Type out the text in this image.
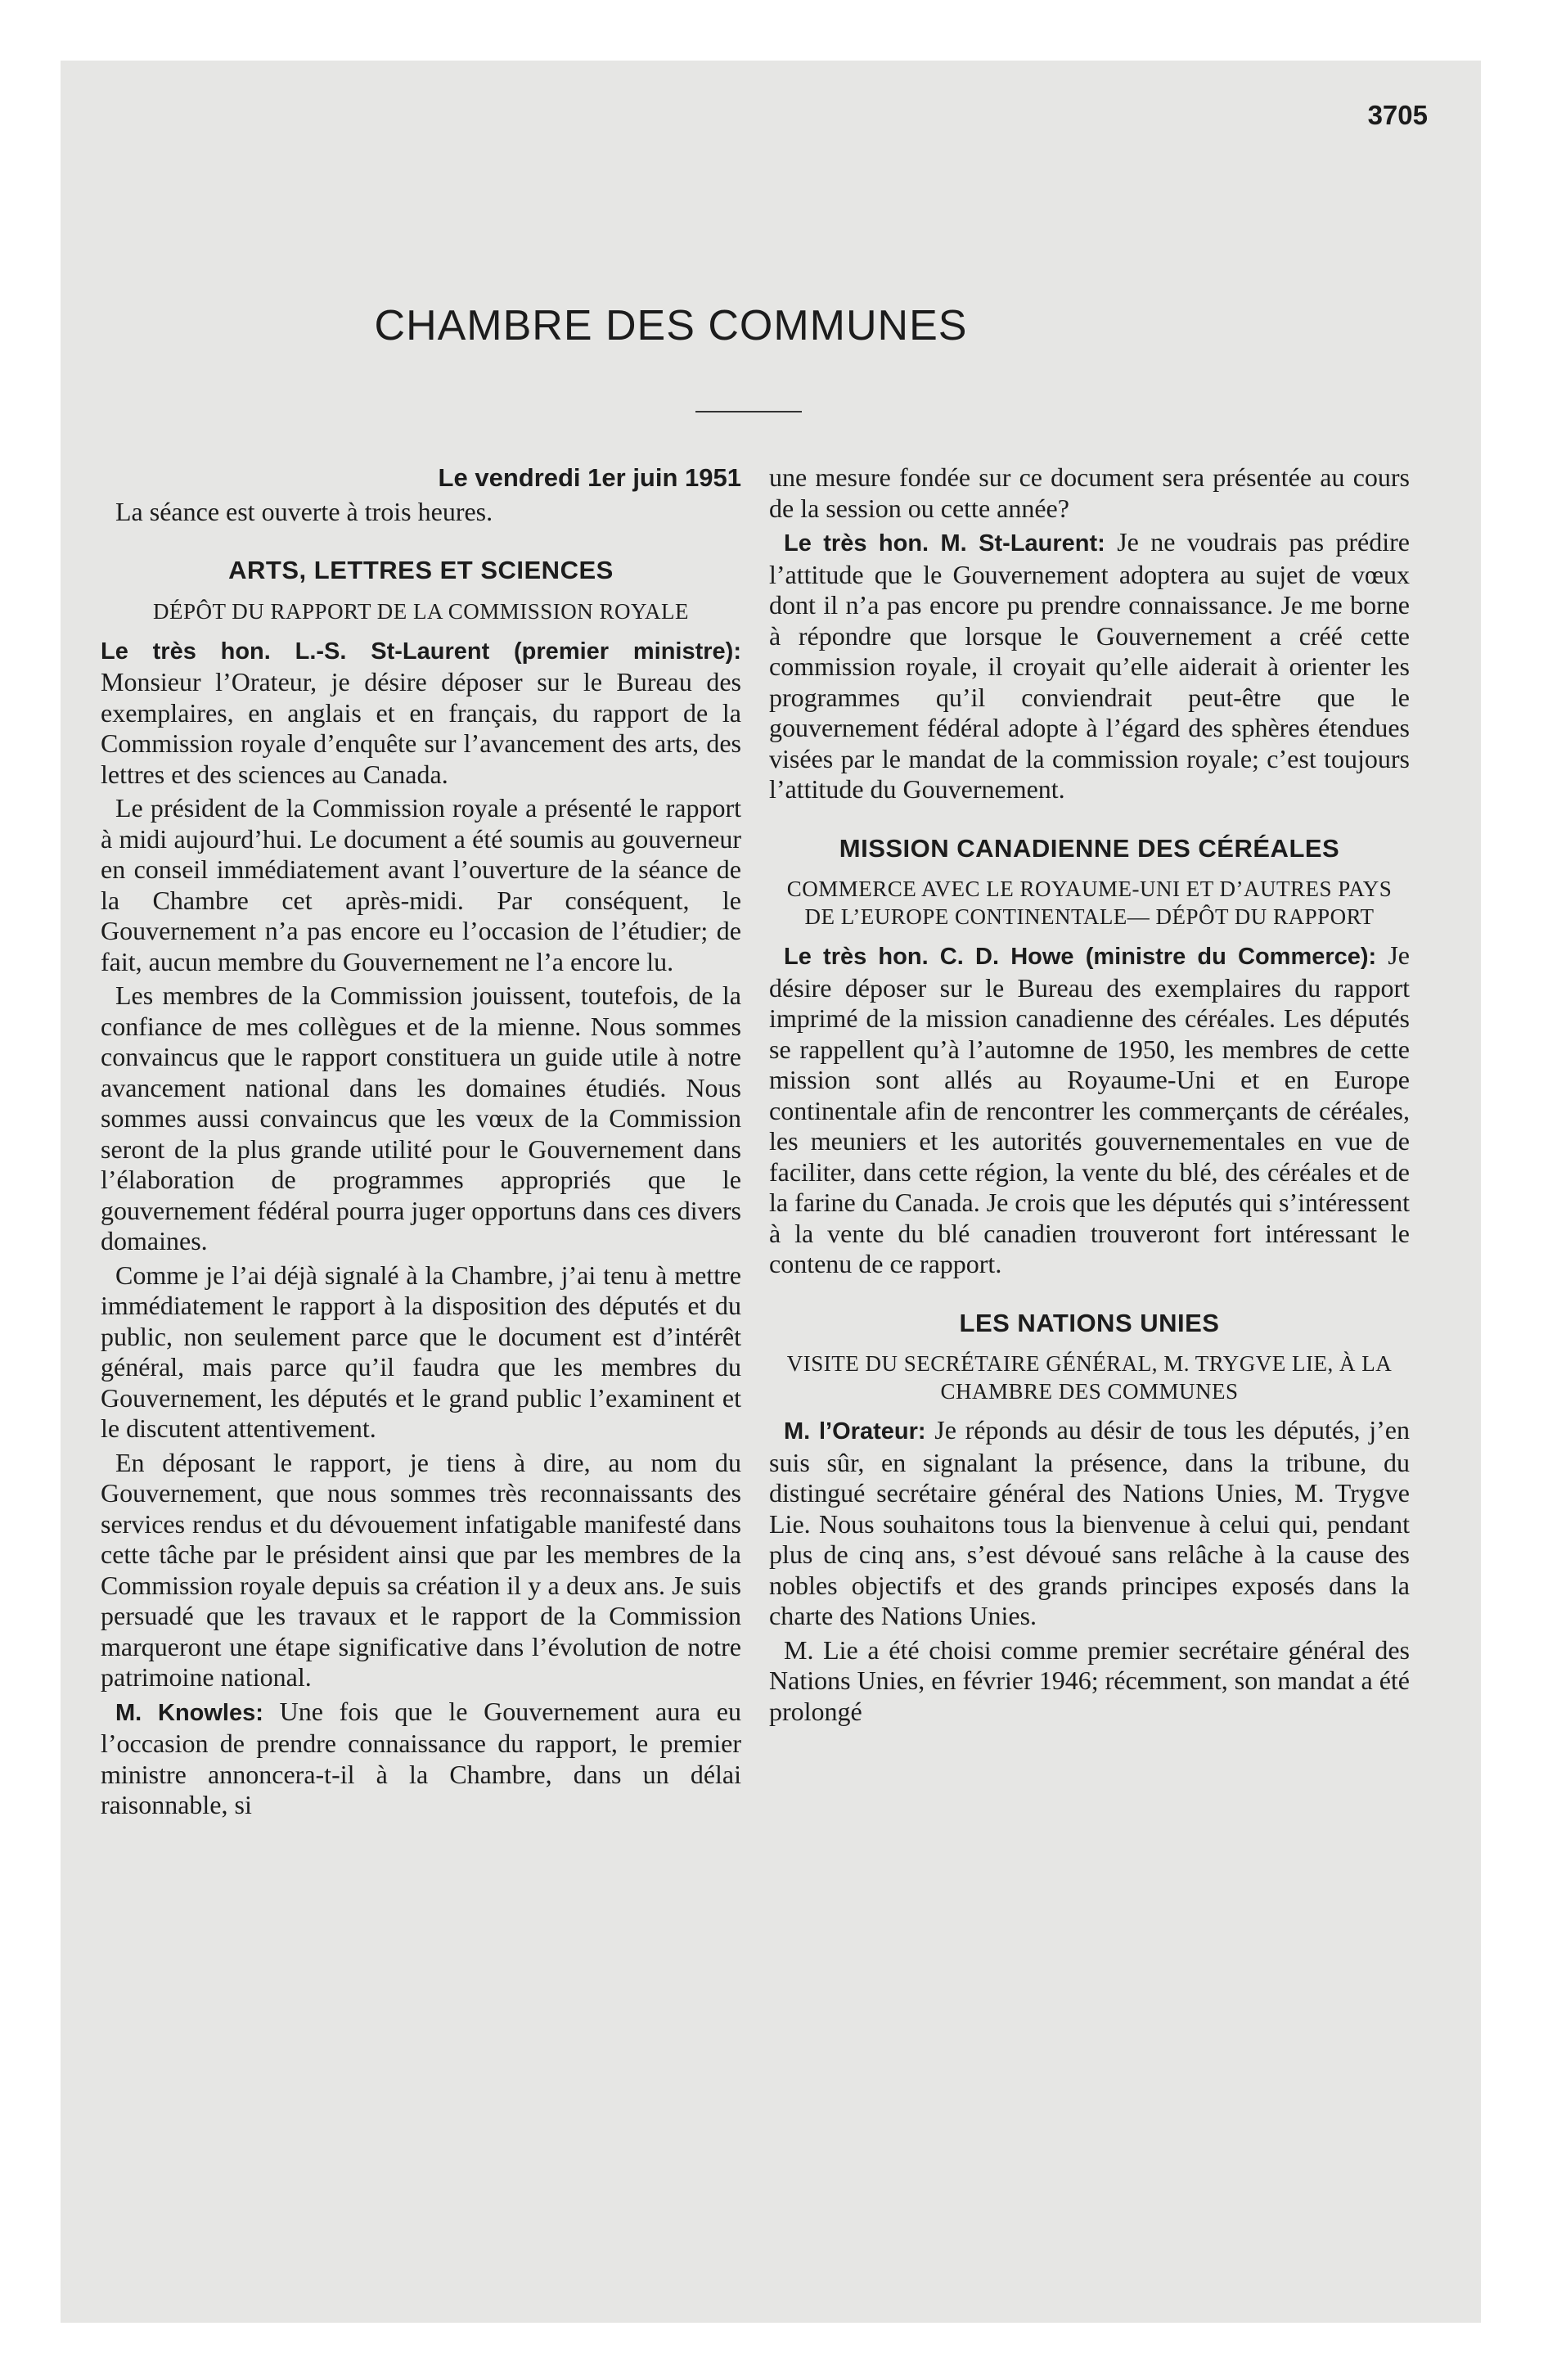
3705
CHAMBRE DES COMMUNES

Le vendredi 1er juin 1951

La séance est ouverte à trois heures.

ARTS, LETTRES ET SCIENCES
DÉPÔT DU RAPPORT DE LA COMMISSION ROYALE

Le très hon. L.-S. St-Laurent (premier ministre): Monsieur l’Orateur, je désire déposer sur le Bureau des exemplaires, en anglais et en français, du rapport de la Commission royale d’enquête sur l’avancement des arts, des lettres et des sciences au Canada.

Le président de la Commission royale a présenté le rapport à midi aujourd’hui. Le document a été soumis au gouverneur en conseil immédiatement avant l’ouverture de la séance de la Chambre cet après-midi. Par conséquent, le Gouvernement n’a pas encore eu l’occasion de l’étudier; de fait, aucun membre du Gouvernement ne l’a encore lu.

Les membres de la Commission jouissent, toutefois, de la confiance de mes collègues et de la mienne. Nous sommes convaincus que le rapport constituera un guide utile à notre avancement national dans les domaines étudiés. Nous sommes aussi convaincus que les vœux de la Commission seront de la plus grande utilité pour le Gouvernement dans l’élaboration de programmes appropriés que le gouvernement fédéral pourra juger opportuns dans ces divers domaines.

Comme je l’ai déjà signalé à la Chambre, j’ai tenu à mettre immédiatement le rapport à la disposition des députés et du public, non seulement parce que le document est d’intérêt général, mais parce qu’il faudra que les membres du Gouvernement, les députés et le grand public l’examinent et le discutent attentivement.

En déposant le rapport, je tiens à dire, au nom du Gouvernement, que nous sommes très reconnaissants des services rendus et du dévouement infatigable manifesté dans cette tâche par le président ainsi que par les membres de la Commission royale depuis sa création il y a deux ans. Je suis persuadé que les travaux et le rapport de la Commission marqueront une étape significative dans l’évolution de notre patrimoine national.

M. Knowles: Une fois que le Gouvernement aura eu l’occasion de prendre connaissance du rapport, le premier ministre annoncera-t-il à la Chambre, dans un délai raisonnable, si

une mesure fondée sur ce document sera présentée au cours de la session ou cette année?

Le très hon. M. St-Laurent: Je ne voudrais pas prédire l’attitude que le Gouvernement adoptera au sujet de vœux dont il n’a pas encore pu prendre connaissance. Je me borne à répondre que lorsque le Gouvernement a créé cette commission royale, il croyait qu’elle aiderait à orienter les programmes qu’il conviendrait peut-être que le gouvernement fédéral adopte à l’égard des sphères étendues visées par le mandat de la commission royale; c’est toujours l’attitude du Gouvernement.

MISSION CANADIENNE DES CÉRÉALES
COMMERCE AVEC LE ROYAUME-UNI ET D’AUTRES PAYS DE L’EUROPE CONTINENTALE— DÉPÔT DU RAPPORT

Le très hon. C. D. Howe (ministre du Commerce): Je désire déposer sur le Bureau des exemplaires du rapport imprimé de la mission canadienne des céréales. Les députés se rappellent qu’à l’automne de 1950, les membres de cette mission sont allés au Royaume-Uni et en Europe continentale afin de rencontrer les commerçants de céréales, les meuniers et les autorités gouvernementales en vue de faciliter, dans cette région, la vente du blé, des céréales et de la farine du Canada. Je crois que les députés qui s’intéressent à la vente du blé canadien trouveront fort intéressant le contenu de ce rapport.

LES NATIONS UNIES
VISITE DU SECRÉTAIRE GÉNÉRAL, M. TRYGVE LIE, À LA CHAMBRE DES COMMUNES

M. l’Orateur: Je réponds au désir de tous les députés, j’en suis sûr, en signalant la présence, dans la tribune, du distingué secrétaire général des Nations Unies, M. Trygve Lie. Nous souhaitons tous la bienvenue à celui qui, pendant plus de cinq ans, s’est dévoué sans relâche à la cause des nobles objectifs et des grands principes exposés dans la charte des Nations Unies.

M. Lie a été choisi comme premier secrétaire général des Nations Unies, en février 1946; récemment, son mandat a été prolongé
